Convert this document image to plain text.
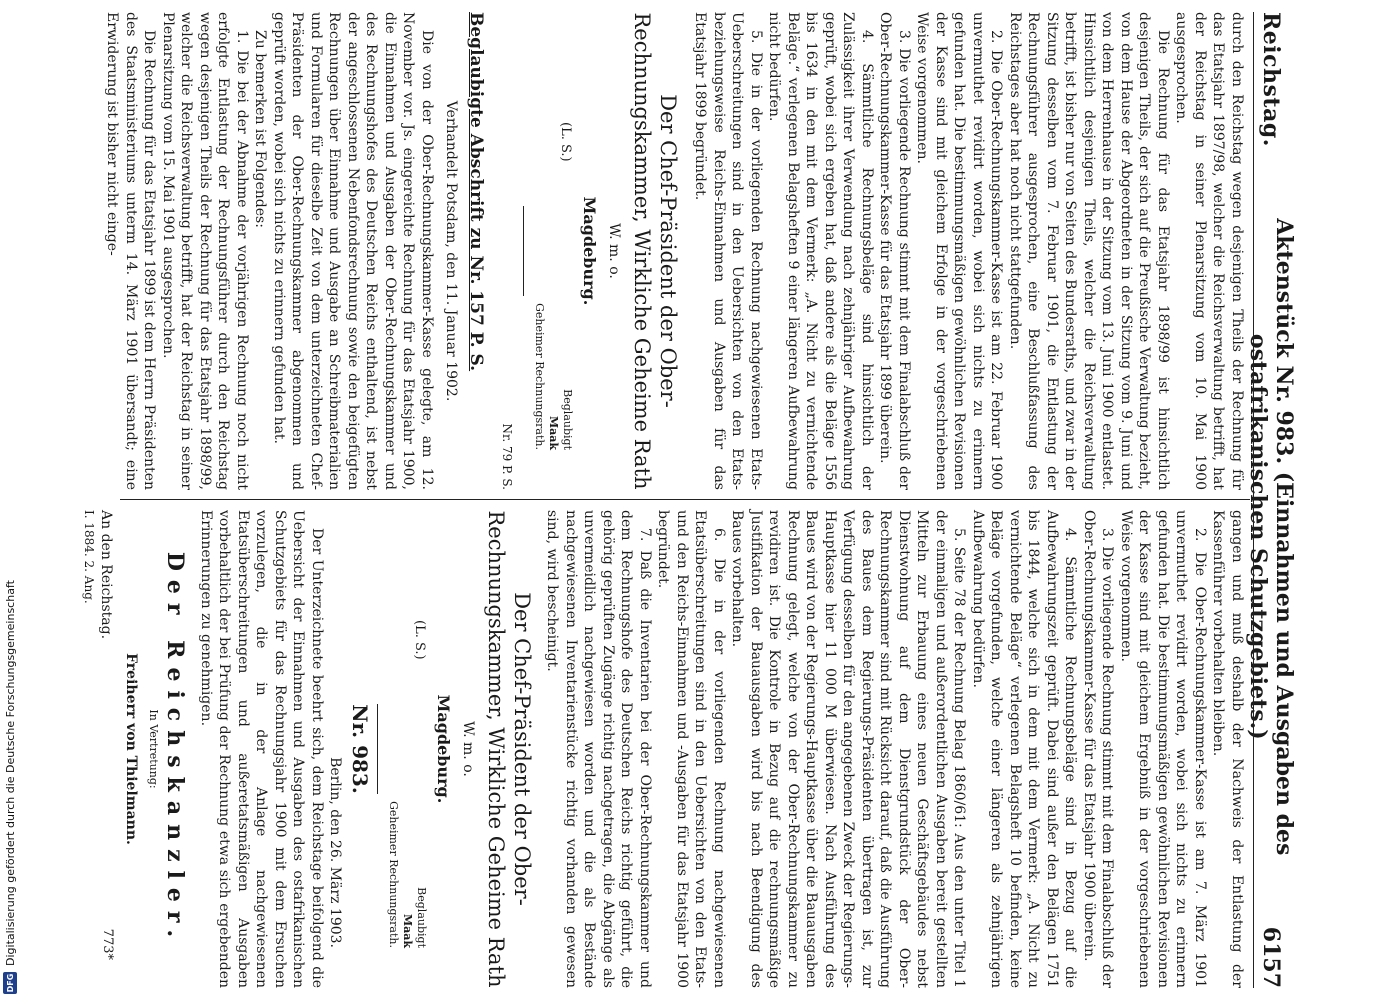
Reichstag.
Aktenstück Nr. 983. (Einnahmen und Ausgaben des ostafrikanischen Schutzgebiets.)
6157

durch den Reichstag wegen desjenigen Theils der Rechnung für das Etatsjahr 1897/98, welcher die Reichsverwaltung betrifft, hat der Reichstag in seiner Plenarsitzung vom 10. Mai 1900 ausgesprochen.

Die Rechnung für das Etatsjahr 1898/99 ist hinsichtlich desjenigen Theils, der sich auf die Preußische Verwaltung bezieht, von dem Hause der Abgeordneten in der Sitzung vom 9. Juni und von dem Herrenhause in der Sitzung vom 13. Juni 1900 entlastet. Hinsichtlich desjenigen Theils, welcher die Reichsverwaltung betrifft, ist bisher nur von Seiten des Bundesraths, und zwar in der Sitzung desselben vom 7. Februar 1901, die Entlastung der Rechnungsführer ausgesprochen, eine Beschlußfassung des Reichstages aber hat noch nicht stattgefunden.

2. Die Ober-Rechnungskammer-Kasse ist am 22. Februar 1900 unvermuthet revidirt worden, wobei sich nichts zu erinnern gefunden hat. Die bestimmungsmäßigen gewöhnlichen Revisionen der Kasse sind mit gleichem Erfolge in der vorgeschriebenen Weise vorgenommen.

3. Die vorliegende Rechnung stimmt mit dem Finalabschluß der Ober-Rechnungskammer-Kasse für das Etatsjahr 1899 überein.

4. Sämmtliche Rechnungsbeläge sind hinsichtlich der Zulässigkeit ihrer Verwendung nach zehnjähriger Aufbewahrung geprüft, wobei sich ergeben hat, daß andere als die Beläge 1556 bis 1634 in den mit dem Vermerk: „A. Nicht zu vernichtende Beläge.“ verlegenen Belagsheften 9 einer längeren Aufbewahrung nicht bedürfen.

5. Die in der vorliegenden Rechnung nachgewiesenen Etats-Ueberschreitungen sind in den Uebersichten von den Etats- beziehungsweise Reichs-Einnahmen und Ausgaben für das Etatsjahr 1899 begründet.

Der Chef-Präsident der Ober-Rechnungskammer, Wirkliche Geheime Rath
W. m. o.
Magdeburg.
(L. S.)
Beglaubigt
Maak
Geheimer Rechnungsrath.
Nr. 79 P. S.
Beglaubigte Abschrift zu Nr. 157 P. S.
Verhandelt Potsdam, den 11. Januar 1902.

Die von der Ober-Rechnungskammer-Kasse gelegte, am 12. November vor. Js. eingereichte Rechnung für das Etatsjahr 1900, die Einnahmen und Ausgaben der Ober-Rechnungskammer und des Rechnungshofes des Deutschen Reichs enthaltend, ist nebst der angeschlossenen Nebenfondsrechnung sowie den beigefügten Rechnungen über Einnahme und Ausgabe an Schreibmaterialien und Formularen für dieselbe Zeit von dem unterzeichneten Chef-Präsidenten der Ober-Rechnungskammer abgenommen und geprüft worden, wobei sich nichts zu erinnern gefunden hat.

Zu bemerken ist Folgendes:

1. Die bei der Abnahme der vorjährigen Rechnung noch nicht erfolgte Entlastung der Rechnungsführer durch den Reichstag wegen desjenigen Theils der Rechnung für das Etatsjahr 1898/99, welcher die Reichsverwaltung betrifft, hat der Reichstag in seiner Plenarsitzung vom 15. Mai 1901 ausgesprochen.

Die Rechnung für das Etatsjahr 1899 ist dem Herrn Präsidenten des Staatsministeriums unterm 14. März 1901 übersandt; eine Erwiderung ist bisher nicht einge-

gangen und muß deshalb der Nachweis der Entlastung der Kassenführer vorbehalten bleiben.

2. Die Ober-Rechnungskammer-Kasse ist am 7. März 1901 unvermuthet revidirt worden, wobei sich nichts zu erinnern gefunden hat. Die bestimmungsmäßigen gewöhnlichen Revisionen der Kasse sind mit gleichem Ergebniß in der vorgeschriebenen Weise vorgenommen.

3. Die vorliegende Rechnung stimmt mit dem Finalabschluß der Ober-Rechnungskammer-Kasse für das Etatsjahr 1900 überein.

4. Sämmtliche Rechnungsbeläge sind in Bezug auf die Aufbewahrungszeit geprüft. Dabei sind außer den Belägen 1751 bis 1844, welche sich in dem mit dem Vermerk: „A. Nicht zu vernichtende Beläge“ verlegenen Belagsheft 10 befinden, keine Beläge vorgefunden, welche einer längeren als zehnjährigen Aufbewahrung bedürfen.

5. Seite 78 der Rechnung Belag 1860/61: Aus den unter Titel 1 der einmaligen und außerordentlichen Ausgaben bereit gestellten Mitteln zur Erbauung eines neuen Geschäftsgebäudes nebst Dienstwohnung auf dem Dienstgrundstück der Ober-Rechnungskammer sind mit Rücksicht darauf, daß die Ausführung des Baues dem Regierungs-Präsidenten übertragen ist, zur Verfügung desselben für den angegebenen Zweck der Regierungs-Hauptkasse hier 11 000 M überwiesen. Nach Ausführung des Baues wird von der Regierungs-Hauptkasse über die Bauausgaben Rechnung gelegt, welche von der Ober-Rechnungskammer zu revidiren ist. Die Kontrole in Bezug auf die rechnungsmäßige Justifikation der Bauausgaben wird bis nach Beendigung des Baues vorbehalten.

6. Die in der vorliegenden Rechnung nachgewiesenen Etatsüberschreitungen sind in den Uebersichten von den Etats- und den Reichs-Einnahmen und -Ausgaben für das Etatsjahr 1900 begründet.

7. Daß die Inventarien bei der Ober-Rechnungskammer und dem Rechnungshofe des Deutschen Reichs richtig geführt, die gehörig geprüften Zugänge richtig nachgetragen, die Abgänge als unvermeidlich nachgewiesen worden und die als Bestände nachgewiesenen Inventarienstücke richtig vorhanden gewesen sind, wird bescheinigt.

Der Chef-Präsident der Ober-Rechnungskammer, Wirkliche Geheime Rath
W. m. o.
Magdeburg.
(L. S.)
Beglaubigt
Maak
Geheimer Rechnungsrath.
Nr. 983.
Berlin, den 26. März 1903.

Der Unterzeichnete beehrt sich, dem Reichstage beifolgend die Uebersicht der Einnahmen und Ausgaben des ostafrikanischen Schutzgebiets für das Rechnungsjahr 1900 mit dem Ersuchen vorzulegen, die in der Anlage nachgewiesenen Etatsüberschreitungen und außeretatsmäßigen Ausgaben vorbehaltlich der bei Prüfung der Rechnung etwa sich ergebenden Erinnerungen zu genehmigen.

Der Reichskanzler.
In Vertretung:
Freiherr von Thielmann.
An den Reichstag.
I. 1884. 2. Ang.
773*
DFG
Digitalisierung gefördert durch die Deutsche Forschungsgemeinschaft
